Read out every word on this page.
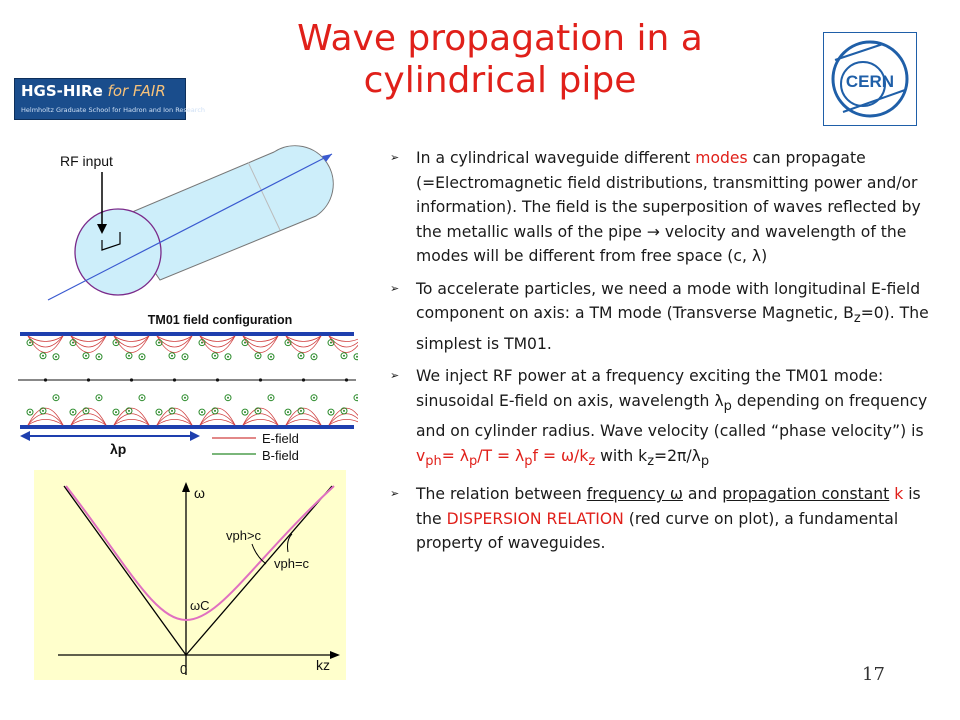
Wave propagation in a
cylindrical pipe
HGS-HIRe for FAIR
Helmholtz Graduate School for Hadron and Ion Research
CERN
RF input
TM01 field configuration
λp
E-field
B-field
ω
kz
0
ωC
vph>c
vph=c
➢ In a cylindrical waveguide different modes can propagate (=Electromagnetic field distributions, transmitting power and/or information). The field is the superposition of waves reflected by the metallic walls of the pipe → velocity and wavelength of the modes will be different from free space (c, λ)
➢ To accelerate particles, we need a mode with longitudinal E-field component on axis: a TM mode (Transverse Magnetic, $B_z=0$). The simplest is TM01.
➢ We inject RF power at a frequency exciting the TM01 mode: sinusoidal E-field on axis, wavelength $\lambda_p$ depending on frequency and on cylinder radius. Wave velocity (called “phase velocity”) is $v_{ph}= \lambda_p/T = \lambda_pf = \omega/k_z$ with $k_z=2\pi/\lambda_p$
➢ The relation between frequency ω and propagation constant k is the DISPERSION RELATION (red curve on plot), a fundamental property of waveguides.
17
